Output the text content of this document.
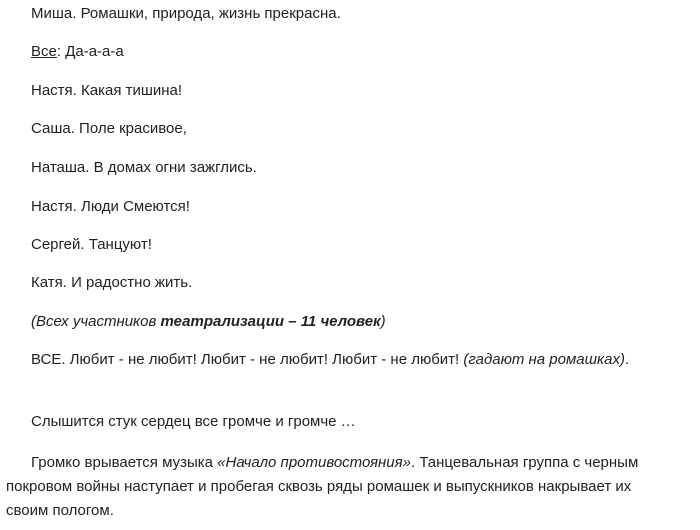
Миша. Ромашки, природа, жизнь прекрасна.

Все: Да-а-а-а

Настя. Какая тишина!

Саша. Поле красивое,

Наташа. В домах огни зажглись.

Настя. Люди Смеются!

Сергей. Танцуют!

Катя. И радостно жить.

(Всех участников театрализации – 11 человек)

ВСЕ. Любит - не любит! Любит - не любит! Любит - не любит! (гадают на ромашках).

Слышится стук сердец все громче и громче …

Громко врывается музыка «Начало противостояния». Танцевальная группа с черным покровом войны наступает и пробегая сквозь ряды ромашек и выпускников накрывает их своим пологом.
